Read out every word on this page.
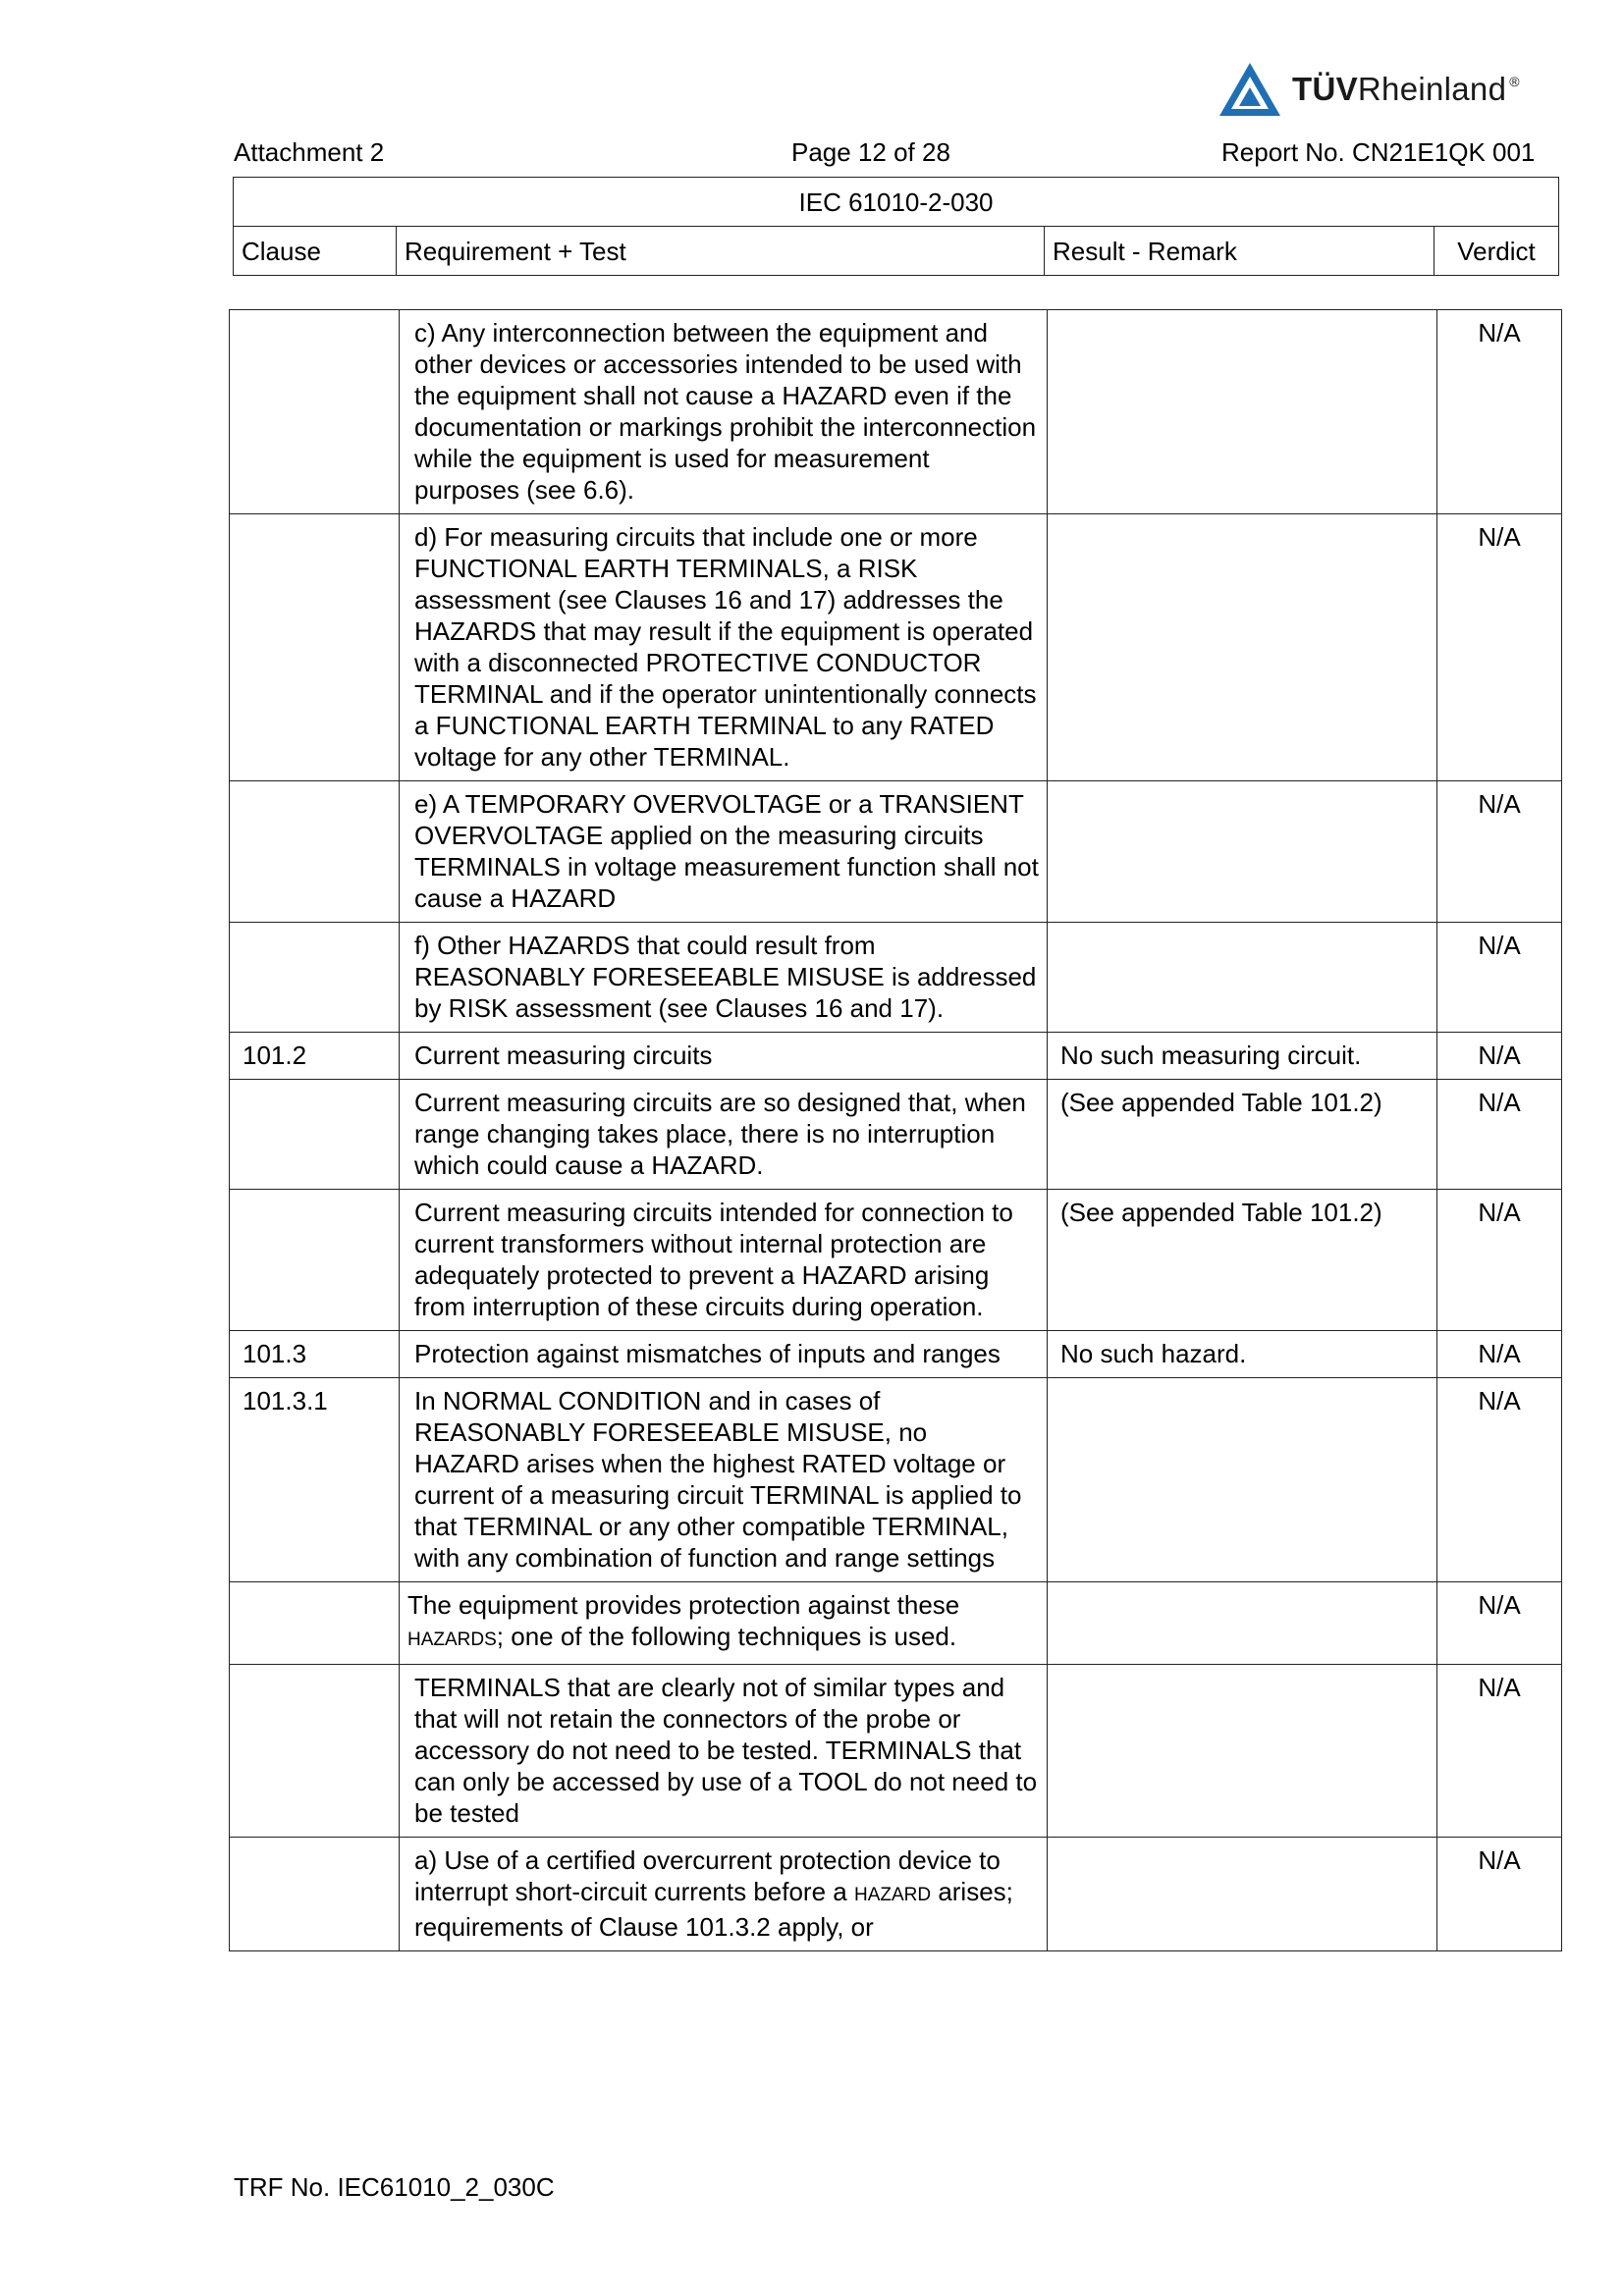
TÜVRheinland ®
Attachment 2	Page 12 of 28	Report No. CN21E1QK 001
IEC 61010-2-030
Clause	Requirement + Test	Result - Remark	Verdict
	c) Any interconnection between the equipment and other devices or accessories intended to be used with the equipment shall not cause a HAZARD even if the documentation or markings prohibit the interconnection while the equipment is used for measurement purposes (see 6.6).		N/A
	d) For measuring circuits that include one or more FUNCTIONAL EARTH TERMINALS, a RISK assessment (see Clauses 16 and 17) addresses the HAZARDS that may result if the equipment is operated with a disconnected PROTECTIVE CONDUCTOR TERMINAL and if the operator unintentionally connects a FUNCTIONAL EARTH TERMINAL to any RATED voltage for any other TERMINAL.		N/A
	e) A TEMPORARY OVERVOLTAGE or a TRANSIENT OVERVOLTAGE applied on the measuring circuits TERMINALS in voltage measurement function shall not cause a HAZARD		N/A
	f) Other HAZARDS that could result from REASONABLY FORESEEABLE MISUSE is addressed by RISK assessment (see Clauses 16 and 17).		N/A
101.2	Current measuring circuits	No such measuring circuit.	N/A
	Current measuring circuits are so designed that, when range changing takes place, there is no interruption which could cause a HAZARD.	(See appended Table 101.2)	N/A
	Current measuring circuits intended for connection to current transformers without internal protection are adequately protected to prevent a HAZARD arising from interruption of these circuits during operation.	(See appended Table 101.2)	N/A
101.3	Protection against mismatches of inputs and ranges	No such hazard.	N/A
101.3.1	In NORMAL CONDITION and in cases of REASONABLY FORESEEABLE MISUSE, no HAZARD arises when the highest RATED voltage or current of a measuring circuit TERMINAL is applied to that TERMINAL or any other compatible TERMINAL, with any combination of function and range settings		N/A
	The equipment provides protection against these HAZARDS; one of the following techniques is used.		N/A
	TERMINALS that are clearly not of similar types and that will not retain the connectors of the probe or accessory do not need to be tested. TERMINALS that can only be accessed by use of a TOOL do not need to be tested		N/A
	a) Use of a certified overcurrent protection device to interrupt short-circuit currents before a HAZARD arises; requirements of Clause 101.3.2 apply, or		N/A
TRF No. IEC61010_2_030C
